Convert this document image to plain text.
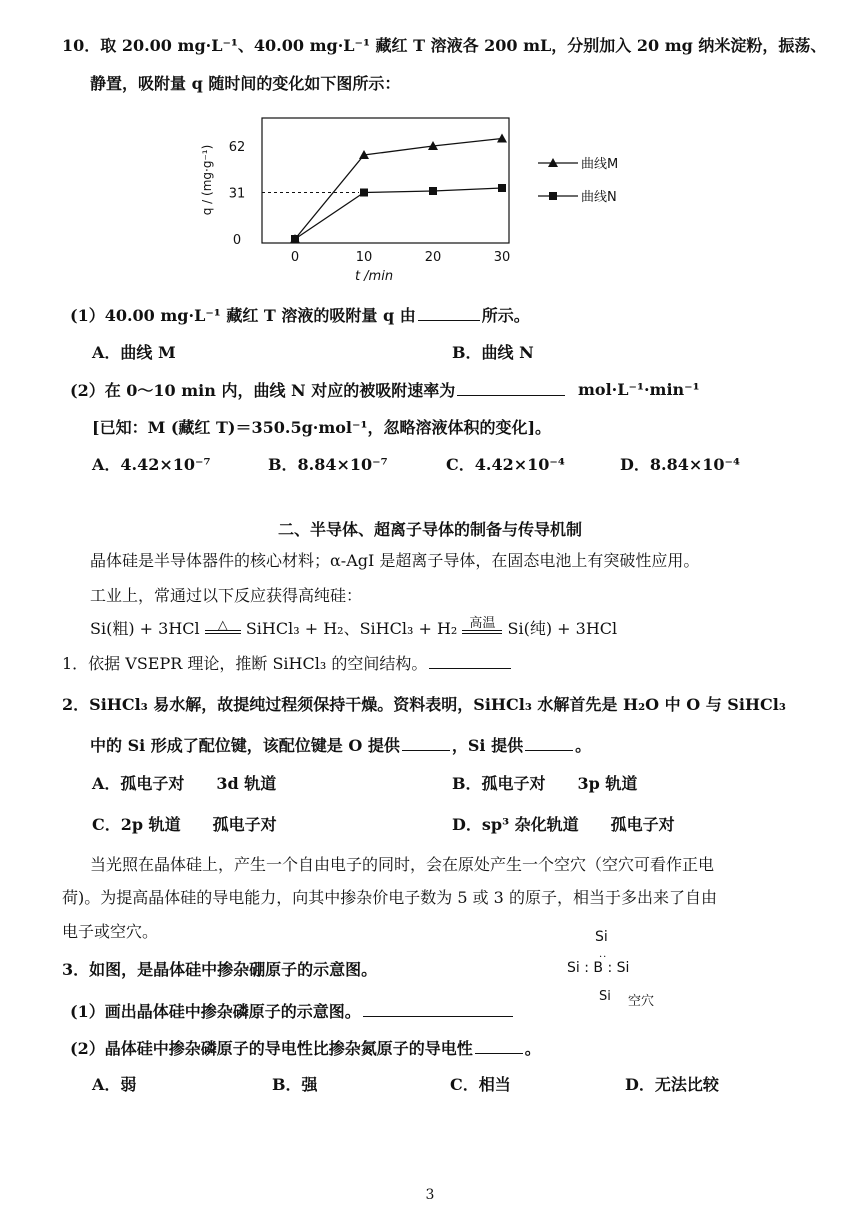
10．取 20.00 mg·L⁻¹、40.00 mg·L⁻¹ 藏红 T 溶液各 200 mL，分别加入 20 mg 纳米淀粉，振荡、
静置，吸附量 q 随时间的变化如下图所示：
0
31
62
0	10	20	30
t /min
q / (mg·g⁻¹)	曲线M
曲线N
(1）40.00 mg·L⁻¹ 藏红 T 溶液的吸附量 q 由	所示。
A．曲线 M	B．曲线 N
(2）在 0～10 min 内，曲线 N 对应的被吸附速率为	mol·L⁻¹·min⁻¹
[已知：M (藏红 T)＝350.5g·mol⁻¹，忽略溶液体积的变化]。
A．4.42×10⁻⁷	B．8.84×10⁻⁷	C．4.42×10⁻⁴	D．8.84×10⁻⁴
二、半导体、超离子导体的制备与传导机制
晶体硅是半导体器件的核心材料；α-AgI 是超离子导体，在固态电池上有突破性应用。
工业上，常通过以下反应获得高纯硅：
Si(粗) + 3HCl	△	SiHCl₃ + H₂、SiHCl₃ + H₂ 高温 Si(纯) + 3HCl
1．依据 VSEPR 理论，推断 SiHCl₃ 的空间结构。
2．SiHCl₃ 易水解，故提纯过程须保持干燥。资料表明，SiHCl₃ 水解首先是 H₂O 中 O 与 SiHCl₃
中的 Si 形成了配位键，该配位键是 O 提供	，Si 提供	。
A．孤电子对　　3d 轨道	B．孤电子对　　3p 轨道
C．2p 轨道　　孤电子对	D．sp³ 杂化轨道　　孤电子对
当光照在晶体硅上，产生一个自由电子的同时，会在原处产生一个空穴（空穴可看作正电
荷)。为提高晶体硅的导电能力，向其中掺杂价电子数为 5 或 3 的原子，相当于多出来了自由
电子或空穴。	Si
Si : B : Si
··
Si 空穴
3．如图，是晶体硅中掺杂硼原子的示意图。
(1）画出晶体硅中掺杂磷原子的示意图。
(2）晶体硅中掺杂磷原子的导电性比掺杂氮原子的导电性	。
A．弱	B．强	C．相当	D．无法比较
3
